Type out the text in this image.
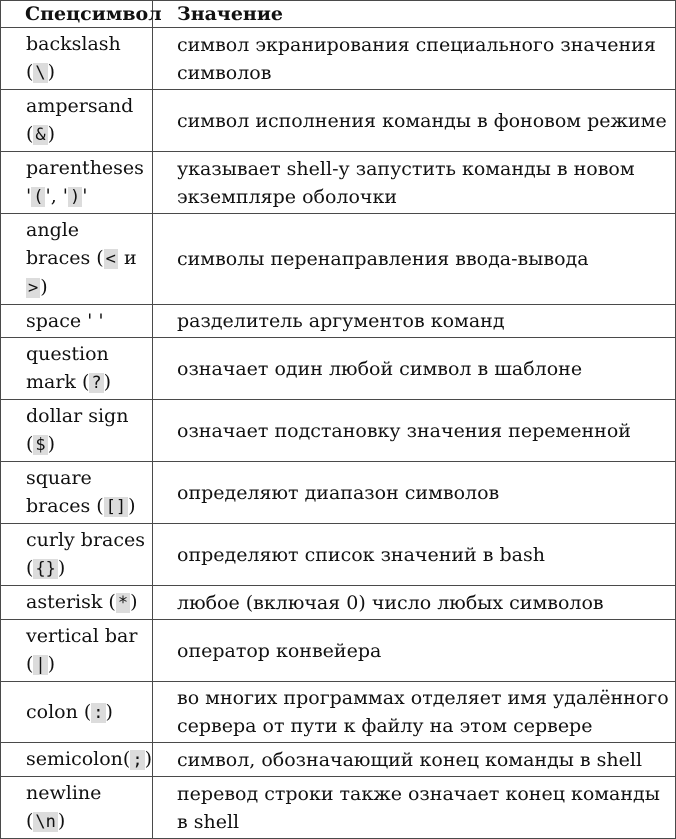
Спецсимвол	Значение
backslash ( \ )	символ экранирования специального значения символов
ampersand ( & )	символ исполнения команды в фоновом режиме
parentheses ' ( ', ' ) '	указывает shell-у запустить команды в новом экземпляре оболочки
angle braces ( < и > )	символы перенаправления ввода-вывода
space ' '	разделитель аргументов команд
question mark ( ? )	означает один любой символ в шаблоне
dollar sign ( $ )	означает подстановку значения переменной
square braces ( [] )	определяют диапазон символов
curly braces ( {} )	определяют список значений в bash
asterisk ( * )	любое (включая 0) число любых символов
vertical bar ( | )	оператор конвейера
colon ( : )	во многих программах отделяет имя удалённого сервера от пути к файлу на этом сервере
semicolon( ; )	символ, обозначающий конец команды в shell
newline ( \n )	перевод строки также означает конец команды в shell
